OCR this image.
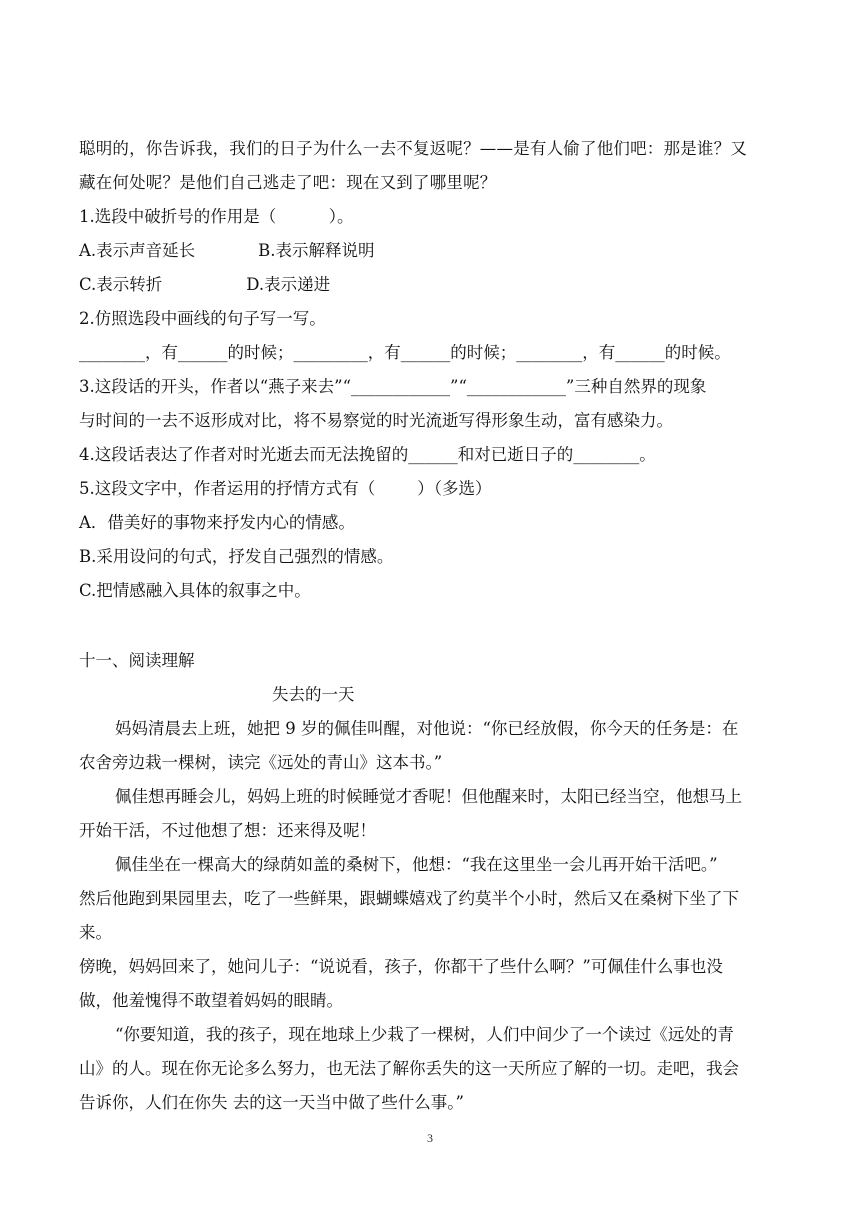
聪明的，你告诉我，我们的日子为什么一去不复返呢？——是有人偷了他们吧：那是谁？又
藏在何处呢？是他们自己逃走了吧：现在又到了哪里呢？
1.选段中破折号的作用是（          ）。
A.表示声音延长            B.表示解释说明
C.表示转折                D.表示递进
2.仿照选段中画线的句子写一写。
________，有______的时候；_________，有______的时候；________，有______的时候。
3.这段话的开头，作者以“燕子来去”“____________”“____________”三种自然界的现象
与时间的一去不返形成对比，将不易察觉的时光流逝写得形象生动，富有感染力。
4.这段话表达了作者对时光逝去而无法挽留的______和对已逝日子的________。
5.这段文字中，作者运用的抒情方式有（        ）（多选）
A．借美好的事物来抒发内心的情感。
B.采用设问的句式，抒发自己强烈的情感。
C.把情感融入具体的叙事之中。
十一、阅读理解
失去的一天
妈妈清晨去上班，她把 9 岁的佩佳叫醒，对他说：“你已经放假，你今天的任务是：在
农舍旁边栽一棵树，读完《远处的青山》这本书。”
佩佳想再睡会儿，妈妈上班的时候睡觉才香呢！但他醒来时，太阳已经当空，他想马上
开始干活，不过他想了想：还来得及呢！
佩佳坐在一棵高大的绿荫如盖的桑树下，他想：“我在这里坐一会儿再开始干活吧。”
然后他跑到果园里去，吃了一些鲜果，跟蝴蝶嬉戏了约莫半个小时，然后又在桑树下坐了下
来。
傍晚，妈妈回来了，她问儿子：“说说看，孩子，你都干了些什么啊？”可佩佳什么事也没
做，他羞愧得不敢望着妈妈的眼睛。
“你要知道，我的孩子，现在地球上少栽了一棵树，人们中间少了一个读过《远处的青
山》的人。现在你无论多么努力，也无法了解你丢失的这一天所应了解的一切。走吧，我会
告诉你，人们在你失 去的这一天当中做了些什么事。”
3
